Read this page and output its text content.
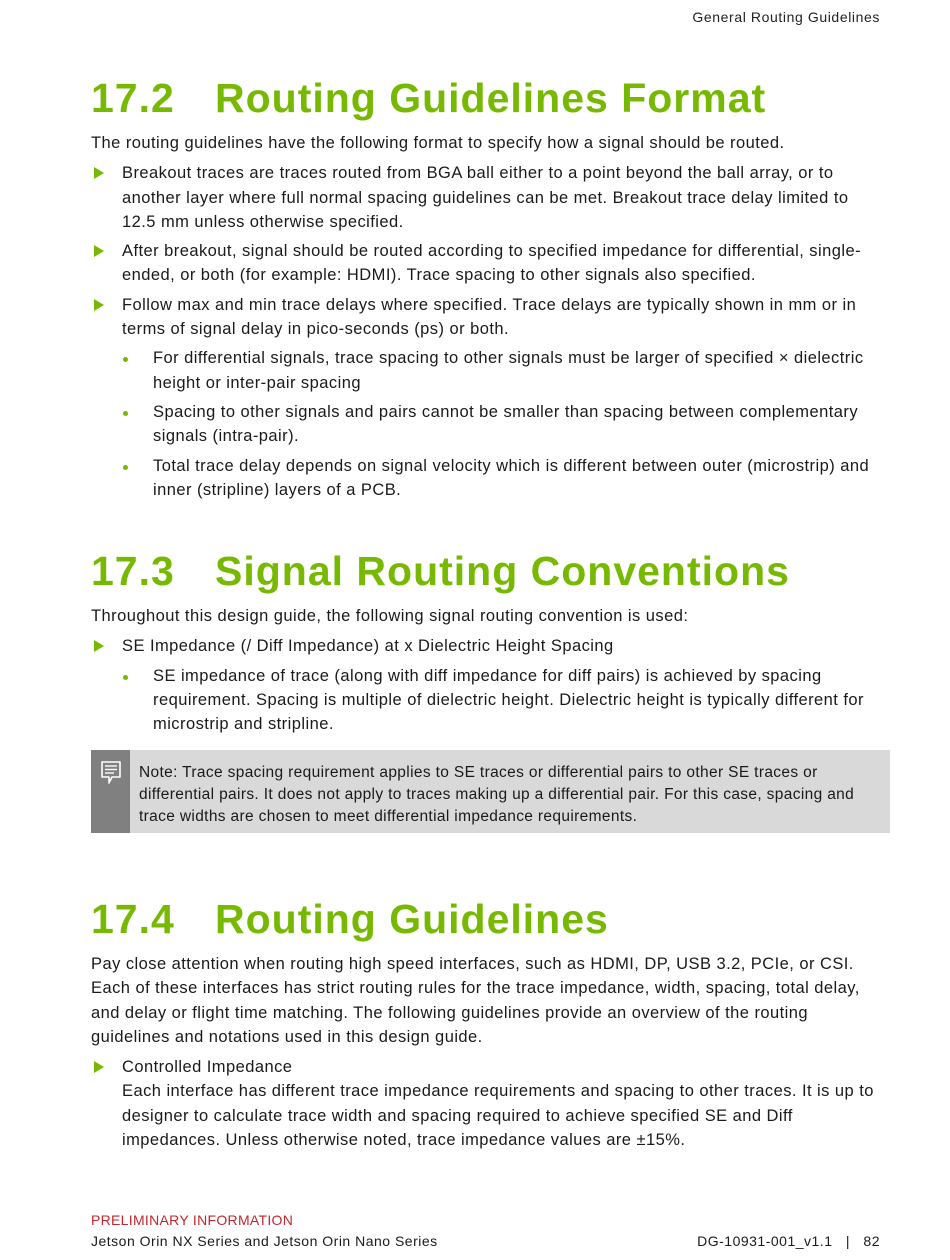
General Routing Guidelines
17.2 Routing Guidelines Format

The routing guidelines have the following format to specify how a signal should be routed.

Breakout traces are traces routed from BGA ball either to a point beyond the ball array, or to another layer where full normal spacing guidelines can be met. Breakout trace delay limited to 12.5 mm unless otherwise specified.
After breakout, signal should be routed according to specified impedance for differential, single-ended, or both (for example: HDMI). Trace spacing to other signals also specified.
Follow max and min trace delays where specified. Trace delays are typically shown in mm or in terms of signal delay in pico-seconds (ps) or both.
For differential signals, trace spacing to other signals must be larger of specified × dielectric height or inter-pair spacing
Spacing to other signals and pairs cannot be smaller than spacing between complementary signals (intra-pair).
Total trace delay depends on signal velocity which is different between outer (microstrip) and inner (stripline) layers of a PCB.
17.3 Signal Routing Conventions

Throughout this design guide, the following signal routing convention is used:

SE Impedance (/ Diff Impedance) at x Dielectric Height Spacing
SE impedance of trace (along with diff impedance for diff pairs) is achieved by spacing requirement. Spacing is multiple of dielectric height. Dielectric height is typically different for microstrip and stripline.
Note: Trace spacing requirement applies to SE traces or differential pairs to other SE traces or differential pairs. It does not apply to traces making up a differential pair. For this case, spacing and trace widths are chosen to meet differential impedance requirements.
17.4 Routing Guidelines

Pay close attention when routing high speed interfaces, such as HDMI, DP, USB 3.2, PCIe, or CSI. Each of these interfaces has strict routing rules for the trace impedance, width, spacing, total delay, and delay or flight time matching. The following guidelines provide an overview of the routing guidelines and notations used in this design guide.

Controlled Impedance
Each interface has different trace impedance requirements and spacing to other traces. It is up to designer to calculate trace width and spacing required to achieve specified SE and Diff impedances. Unless otherwise noted, trace impedance values are ±15%.
PRELIMINARY INFORMATION
Jetson Orin NX Series and Jetson Orin Nano Series	DG-10931-001_v1.1 | 82
